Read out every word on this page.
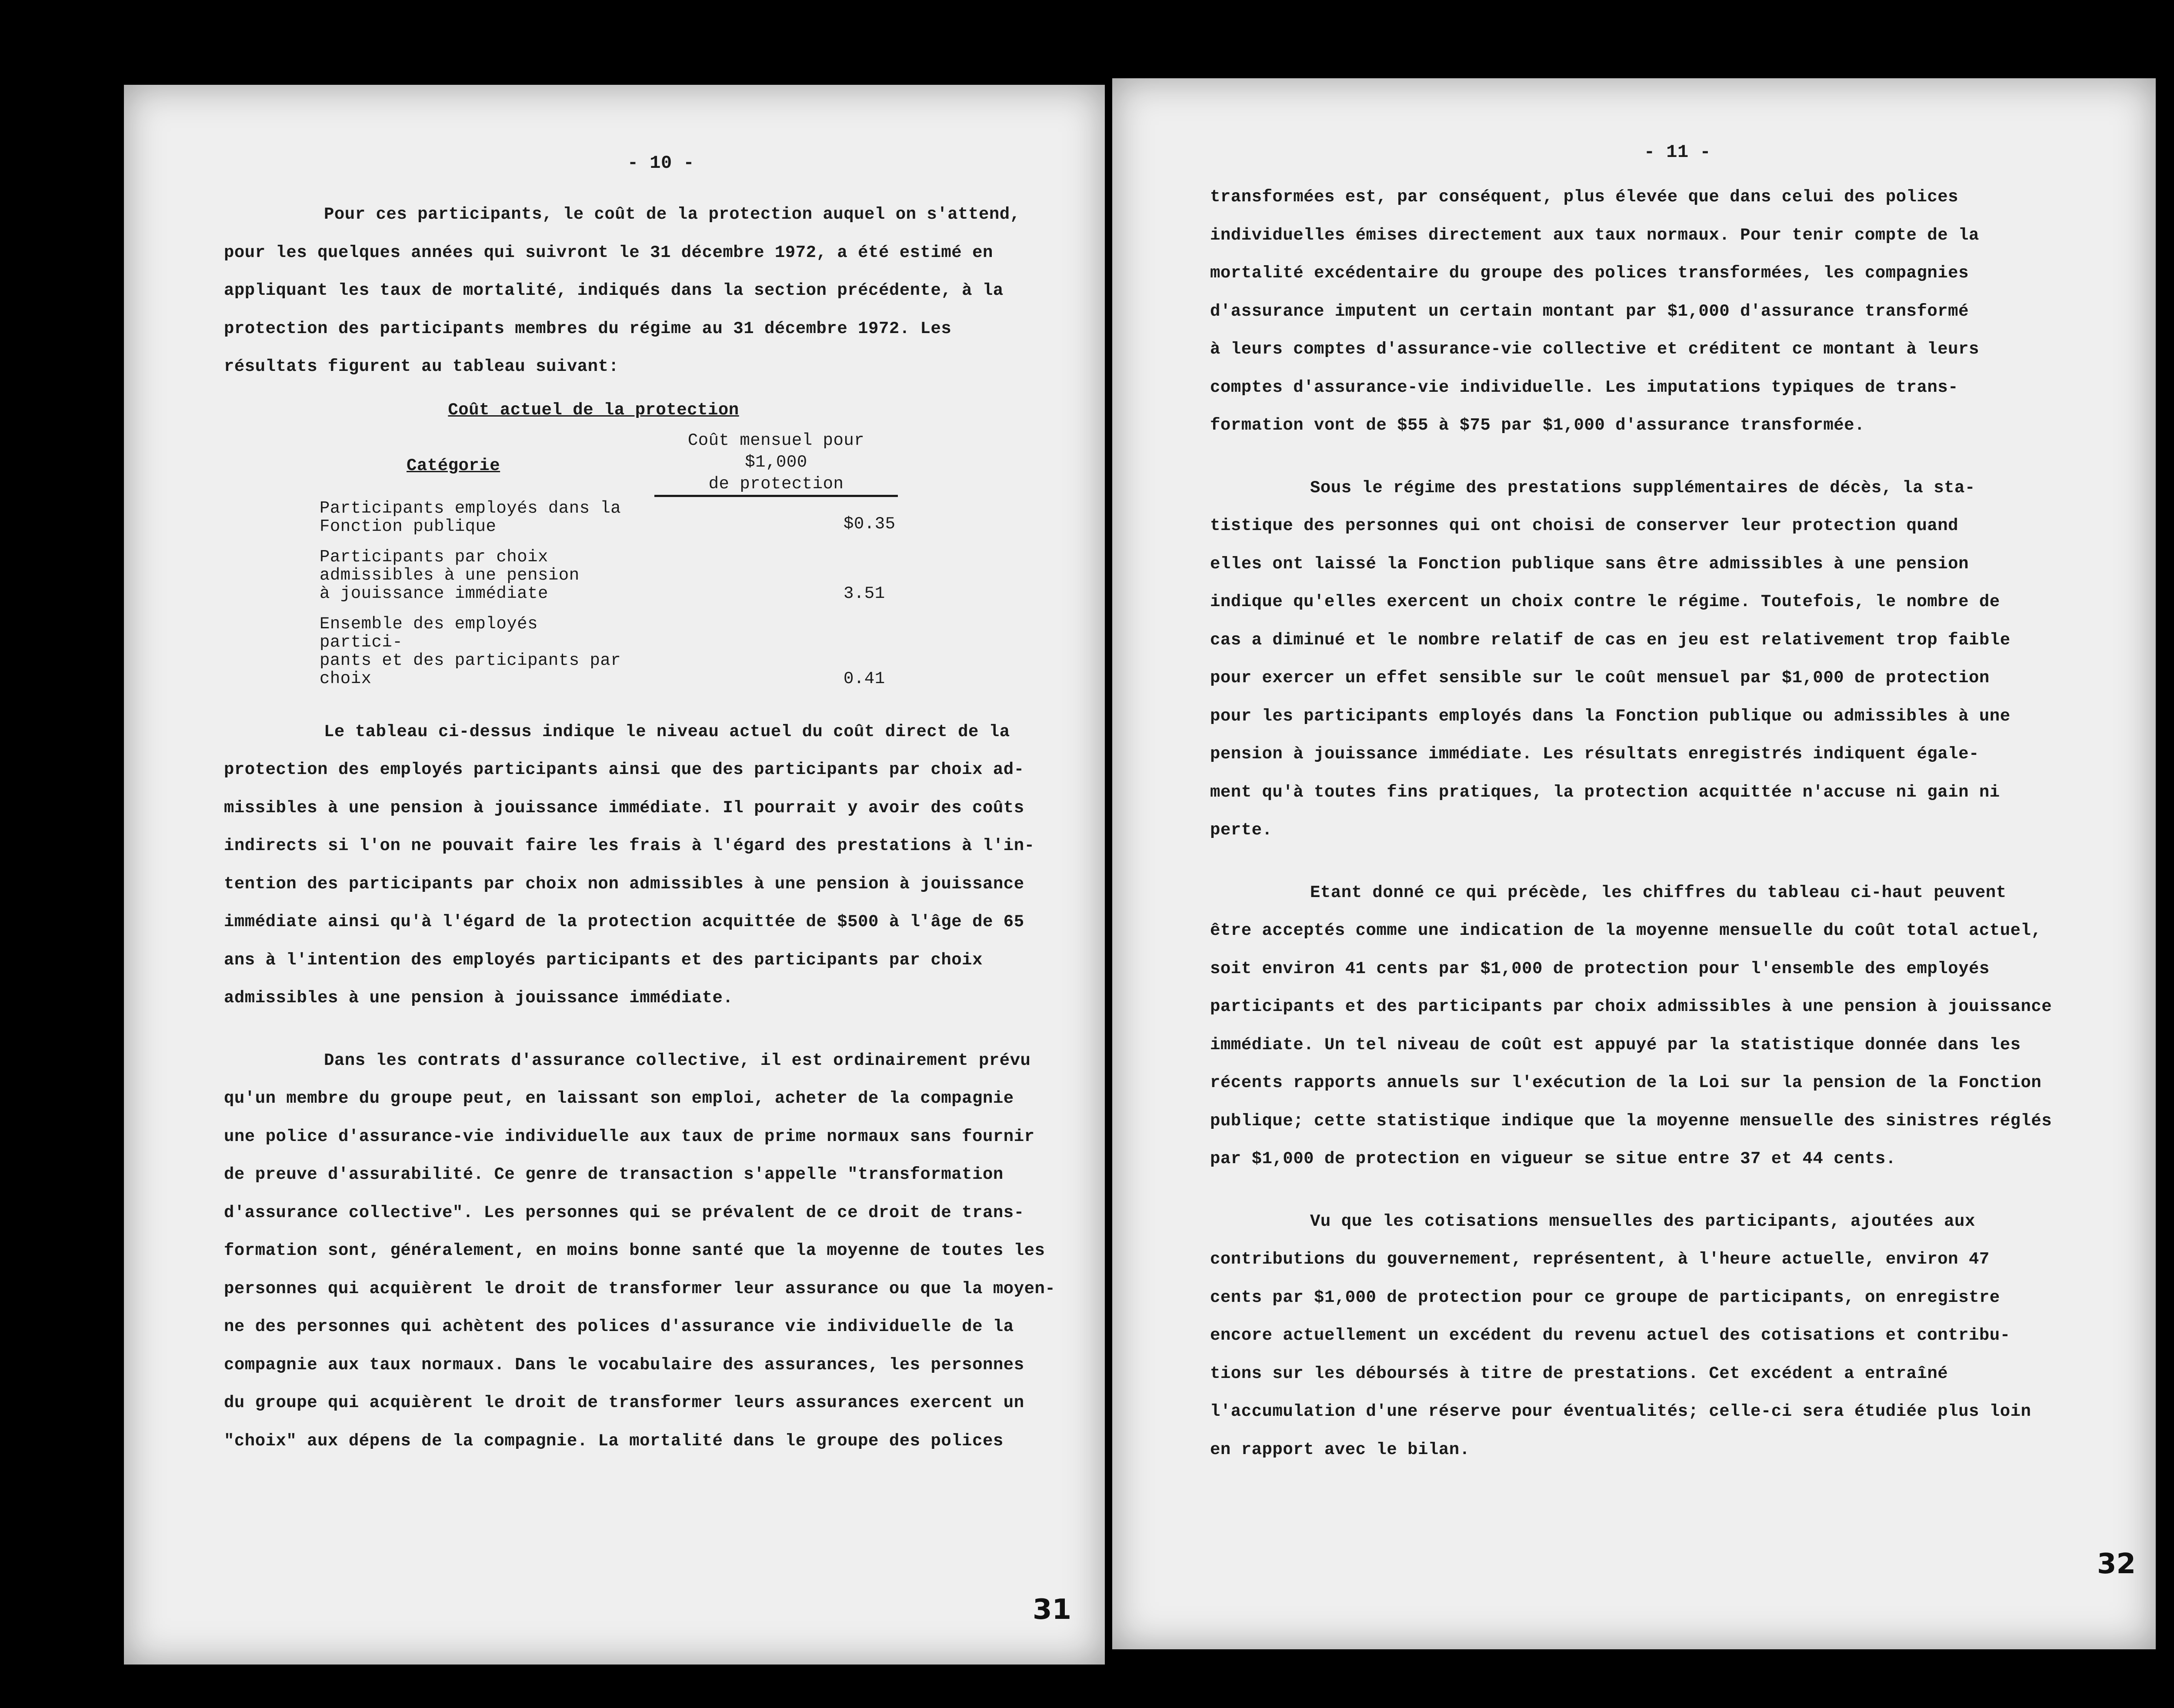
- 10 -

Pour ces participants, le coût de la protection auquel on s'attend,
pour les quelques années qui suivront le 31 décembre 1972, a été estimé en
appliquant les taux de mortalité, indiqués dans la section précédente, à la
protection des participants membres du régime au 31 décembre 1972. Les
résultats figurent au tableau suivant:

Coût actuel de la protection
Catégorie
Coût mensuel pour $1,000
de protection
Participants employés dans la
Fonction publique	$0.35
Participants par choix
admissibles à une pension
à jouissance immédiate	3.51
Ensemble des employés partici-
pants et des participants par
choix	0.41

Le tableau ci-dessus indique le niveau actuel du coût direct de la
protection des employés participants ainsi que des participants par choix ad-
missibles à une pension à jouissance immédiate. Il pourrait y avoir des coûts
indirects si l'on ne pouvait faire les frais à l'égard des prestations à l'in-
tention des participants par choix non admissibles à une pension à jouissance
immédiate ainsi qu'à l'égard de la protection acquittée de $500 à l'âge de 65
ans à l'intention des employés participants et des participants par choix
admissibles à une pension à jouissance immédiate.

Dans les contrats d'assurance collective, il est ordinairement prévu
qu'un membre du groupe peut, en laissant son emploi, acheter de la compagnie
une police d'assurance-vie individuelle aux taux de prime normaux sans fournir
de preuve d'assurabilité. Ce genre de transaction s'appelle "transformation
d'assurance collective". Les personnes qui se prévalent de ce droit de trans-
formation sont, généralement, en moins bonne santé que la moyenne de toutes les
personnes qui acquièrent le droit de transformer leur assurance ou que la moyen-
ne des personnes qui achètent des polices d'assurance vie individuelle de la
compagnie aux taux normaux. Dans le vocabulaire des assurances, les personnes
du groupe qui acquièrent le droit de transformer leurs assurances exercent un
"choix" aux dépens de la compagnie. La mortalité dans le groupe des polices

31
- 11 -

transformées est, par conséquent, plus élevée que dans celui des polices
individuelles émises directement aux taux normaux. Pour tenir compte de la
mortalité excédentaire du groupe des polices transformées, les compagnies
d'assurance imputent un certain montant par $1,000 d'assurance transformé
à leurs comptes d'assurance-vie collective et créditent ce montant à leurs
comptes d'assurance-vie individuelle. Les imputations typiques de trans-
formation vont de $55 à $75 par $1,000 d'assurance transformée.

Sous le régime des prestations supplémentaires de décès, la sta-
tistique des personnes qui ont choisi de conserver leur protection quand
elles ont laissé la Fonction publique sans être admissibles à une pension
indique qu'elles exercent un choix contre le régime. Toutefois, le nombre de
cas a diminué et le nombre relatif de cas en jeu est relativement trop faible
pour exercer un effet sensible sur le coût mensuel par $1,000 de protection
pour les participants employés dans la Fonction publique ou admissibles à une
pension à jouissance immédiate. Les résultats enregistrés indiquent égale-
ment qu'à toutes fins pratiques, la protection acquittée n'accuse ni gain ni
perte.

Etant donné ce qui précède, les chiffres du tableau ci-haut peuvent
être acceptés comme une indication de la moyenne mensuelle du coût total actuel,
soit environ 41 cents par $1,000 de protection pour l'ensemble des employés
participants et des participants par choix admissibles à une pension à jouissance
immédiate. Un tel niveau de coût est appuyé par la statistique donnée dans les
récents rapports annuels sur l'exécution de la Loi sur la pension de la Fonction
publique; cette statistique indique que la moyenne mensuelle des sinistres réglés
par $1,000 de protection en vigueur se situe entre 37 et 44 cents.

Vu que les cotisations mensuelles des participants, ajoutées aux
contributions du gouvernement, représentent, à l'heure actuelle, environ 47
cents par $1,000 de protection pour ce groupe de participants, on enregistre
encore actuellement un excédent du revenu actuel des cotisations et contribu-
tions sur les déboursés à titre de prestations. Cet excédent a entraîné
l'accumulation d'une réserve pour éventualités; celle-ci sera étudiée plus loin
en rapport avec le bilan.

32
